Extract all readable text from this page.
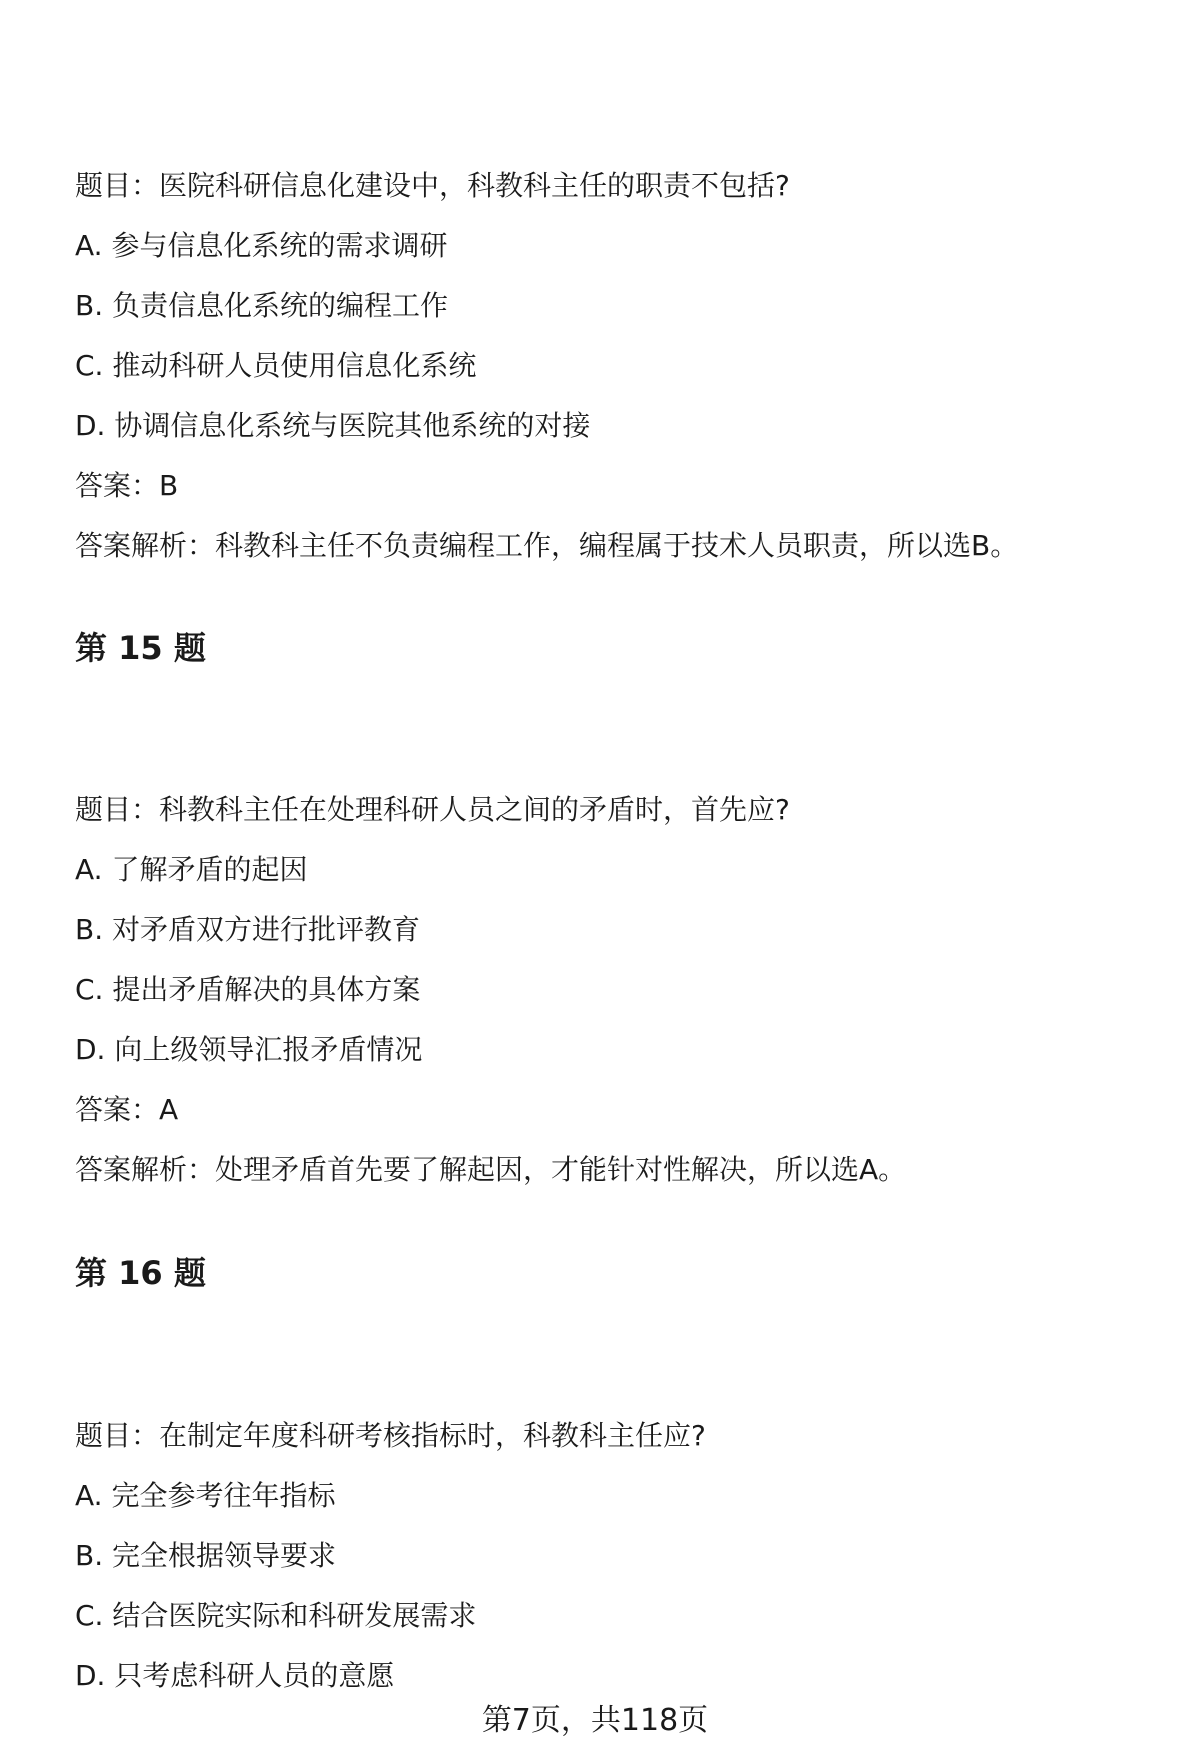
题目：医院科研信息化建设中，科教科主任的职责不包括?
A. 参与信息化系统的需求调研
B. 负责信息化系统的编程工作
C. 推动科研人员使用信息化系统
D. 协调信息化系统与医院其他系统的对接
答案：B
答案解析：科教科主任不负责编程工作，编程属于技术人员职责，所以选B。
第 15 题
题目：科教科主任在处理科研人员之间的矛盾时，首先应?
A. 了解矛盾的起因
B. 对矛盾双方进行批评教育
C. 提出矛盾解决的具体方案
D. 向上级领导汇报矛盾情况
答案：A
答案解析：处理矛盾首先要了解起因，才能针对性解决，所以选A。
第 16 题
题目：在制定年度科研考核指标时，科教科主任应?
A. 完全参考往年指标
B. 完全根据领导要求
C. 结合医院实际和科研发展需求
D. 只考虑科研人员的意愿
第7页，共118页
